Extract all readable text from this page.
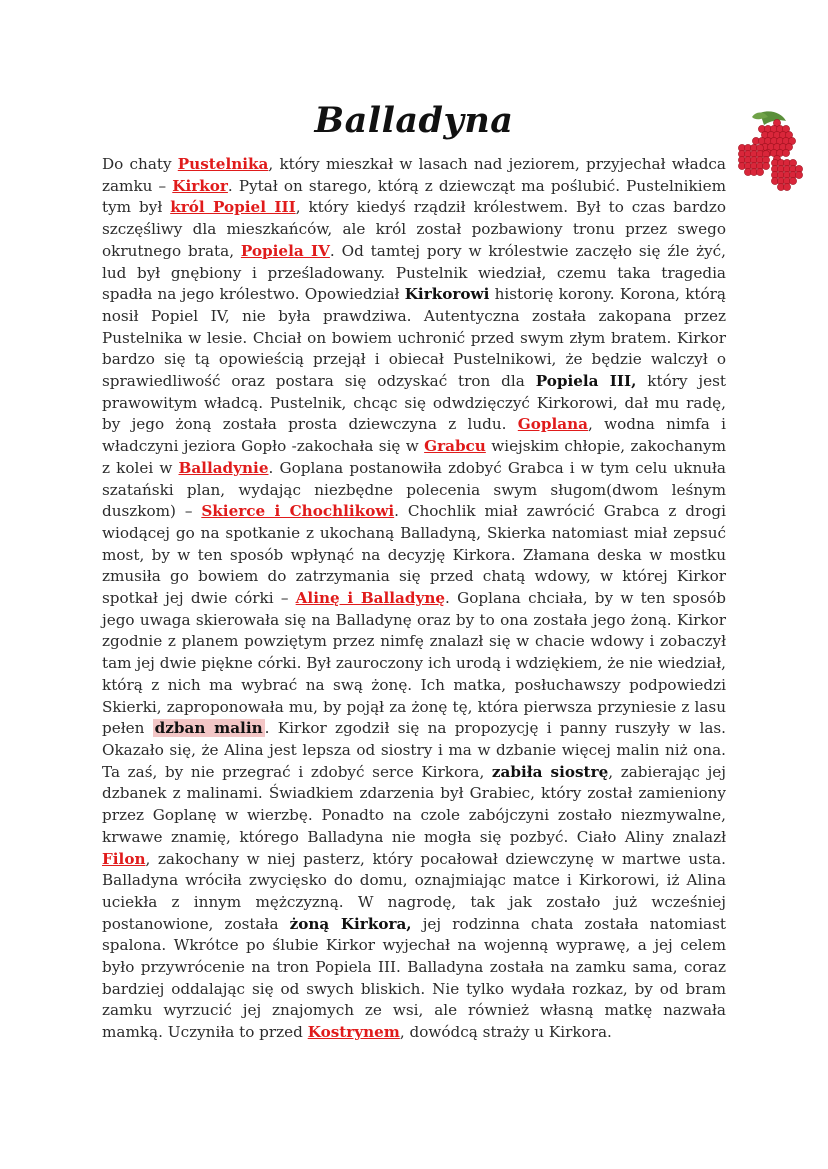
Balladyna
Do chaty Pustelnika, który mieszkał w lasach nad jeziorem, przyjechał władca zamku – Kirkor. Pytał on starego, którą z dziewcząt ma poślubić. Pustelnikiem tym był król Popiel III, który kiedyś rządził królestwem. Był to czas bardzo szczęśliwy dla mieszkańców, ale król został pozbawiony tronu przez swego okrutnego brata, Popiela IV. Od tamtej pory w królestwie zaczęło się źle żyć, lud był gnębiony i prześladowany. Pustelnik wiedział, czemu taka tragedia spadła na jego królestwo. Opowiedział Kirkorowi historię korony. Korona, którą nosił Popiel IV, nie była prawdziwa. Autentyczna została zakopana przez Pustelnika w lesie. Chciał on bowiem uchronić przed swym złym bratem. Kirkor bardzo się tą opowieścią przejął i obiecał Pustelnikowi, że będzie walczył o sprawiedliwość oraz postara się odzyskać tron dla Popiela III, który jest prawowitym władcą. Pustelnik, chcąc się odwdzięczyć Kirkorowi, dał mu radę, by jego żoną została prosta dziewczyna z ludu. Goplana, wodna nimfa i władczyni jeziora Gopło -zakochała się w Grabcu wiejskim chłopie, zakochanym z kolei w Balladynie. Goplana postanowiła zdobyć Grabca i w tym celu uknuła szatański plan, wydając niezbędne polecenia swym sługom(dwom leśnym duszkom) – Skierce i Chochlikowi. Chochlik miał zawrócić Grabca z drogi wiodącej go na spotkanie z ukochaną Balladyną, Skierka natomiast miał zepsuć most, by w ten sposób wpłynąć na decyzję Kirkora. Złamana deska w mostku zmusiła go bowiem do zatrzymania się przed chatą wdowy, w której Kirkor spotkał jej dwie córki – Alinę i Balladynę. Goplana chciała, by w ten sposób jego uwaga skierowała się na Balladynę oraz by to ona została jego żoną. Kirkor zgodnie z planem powziętym przez nimfę znalazł się w chacie wdowy i zobaczył tam jej dwie piękne córki. Był zauroczony ich urodą i wdziękiem, że nie wiedział, którą z nich ma wybrać na swą żonę. Ich matka, posłuchawszy podpowiedzi Skierki, zaproponowała mu, by pojął za żonę tę, która pierwsza przyniesie z lasu pełen dzban malin . Kirkor zgodził się na propozycję i panny ruszyły w las. Okazało się, że Alina jest lepsza od siostry i ma w dzbanie więcej malin niż ona. Ta zaś, by nie przegrać i zdobyć serce Kirkora, zabiła siostrę, zabierając jej dzbanek z malinami. Świadkiem zdarzenia był Grabiec, który został zamieniony przez Goplanę w wierzbę. Ponadto na czole zabójczyni zostało niezmywalne, krwawe znamię, którego Balladyna nie mogła się pozbyć. Ciało Aliny znalazł Filon, zakochany w niej pasterz, który pocałował dziewczynę w martwe usta. Balladyna wróciła zwycięsko do domu, oznajmiając matce i Kirkorowi, iż Alina uciekła z innym mężczyzną. W nagrodę, tak jak zostało już wcześniej postanowione, została żoną Kirkora, jej rodzinna chata została natomiast spalona. Wkrótce po ślubie Kirkor wyjechał na wojenną wyprawę, a jej celem było przywrócenie na tron Popiela III. Balladyna została na zamku sama, coraz bardziej oddalając się od swych bliskich. Nie tylko wydała rozkaz, by od bram zamku wyrzucić jej znajomych ze wsi, ale również własną matkę nazwała mamką. Uczyniła to przed Kostrynem, dowódcą straży u Kirkora.
